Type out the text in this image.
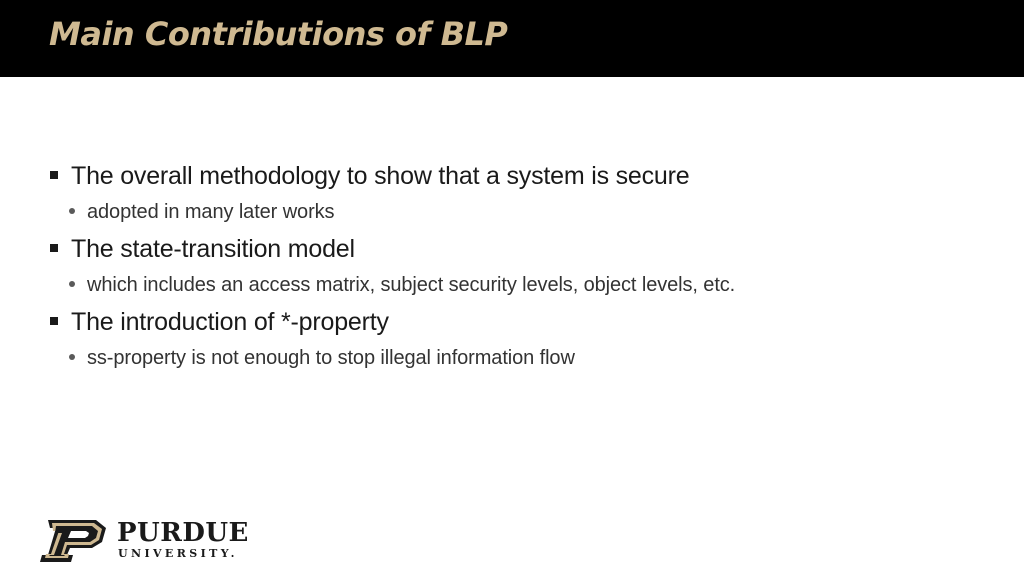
Main Contributions of BLP
The overall methodology to show that a system is secure
adopted in many later works
The state-transition model
which includes an access matrix, subject security levels, object levels, etc.
The introduction of *-property
ss-property is not enough to stop illegal information flow
PURDUE
UNIVERSITY.
